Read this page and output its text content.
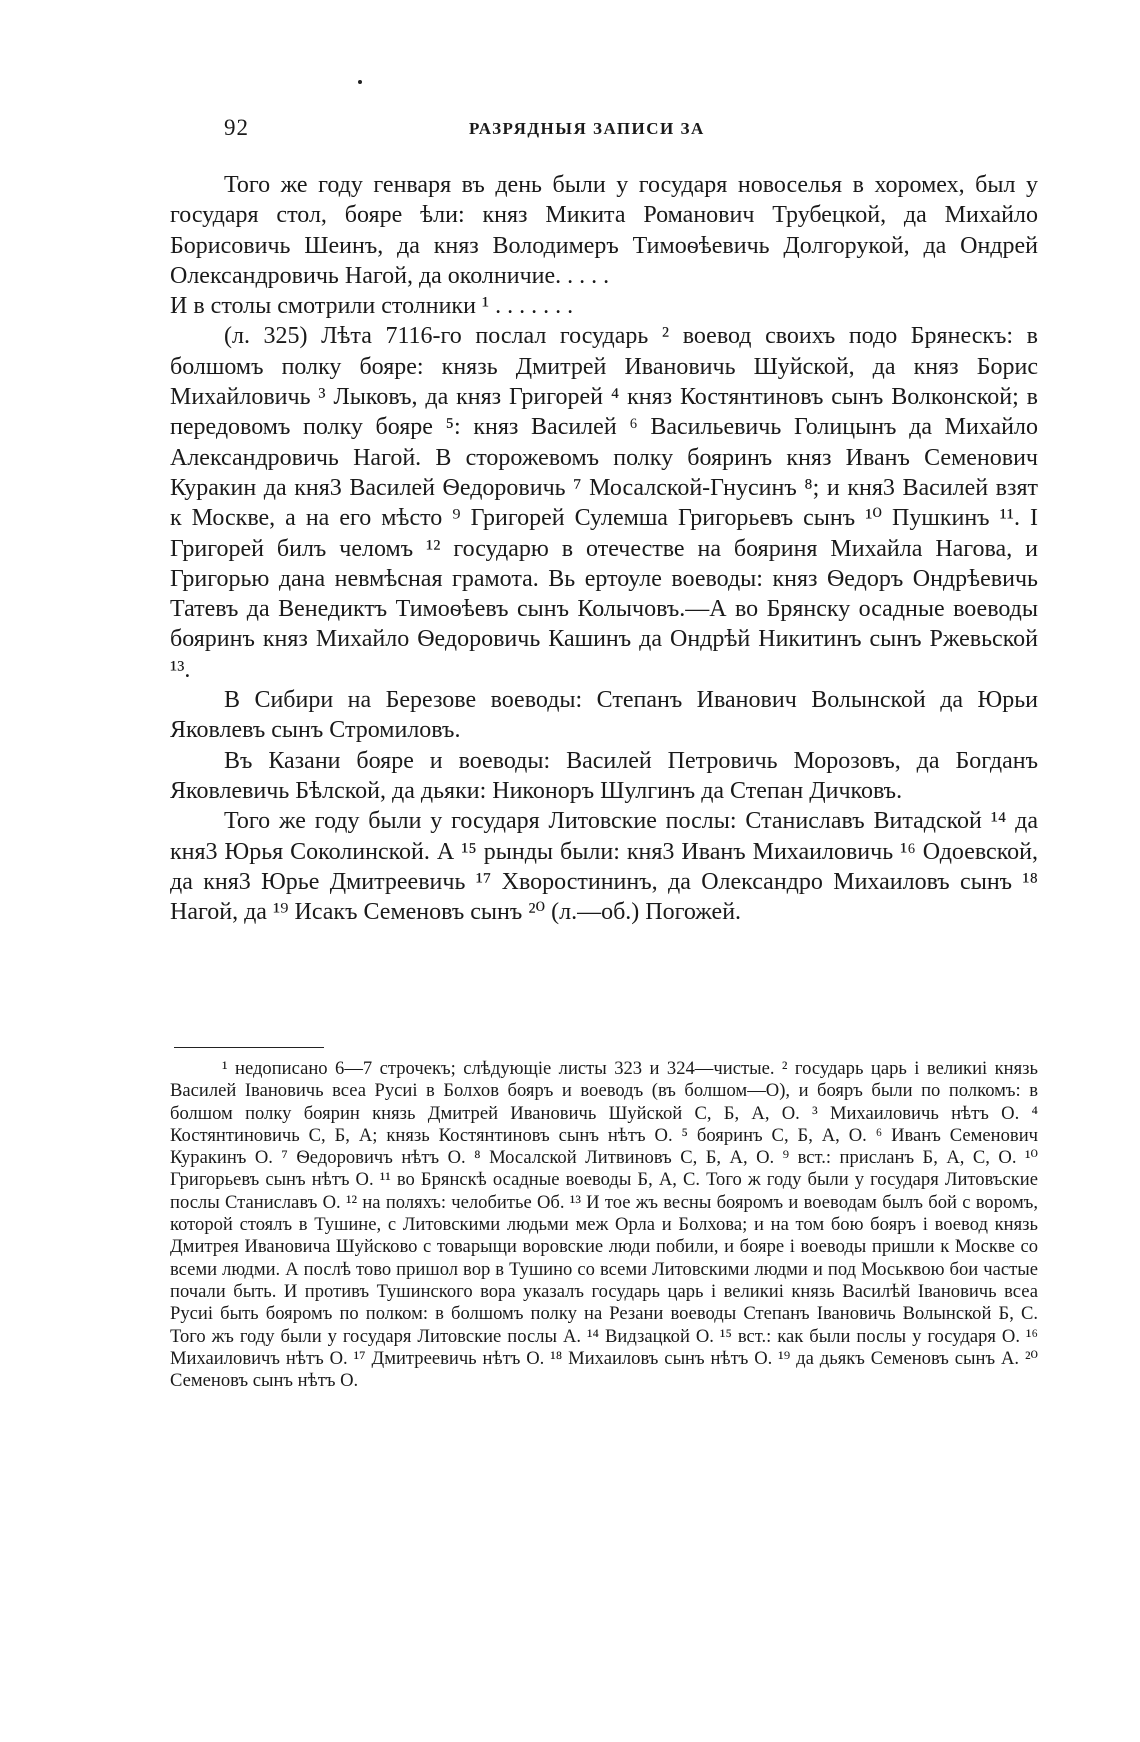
92	РАЗРЯДНЫЯ ЗАПИСИ ЗА

Того же году генваря въ день были у государя новоселья в хоромех, был у государя стол, бояре ѣли: княз Микита Романович Трубецкой, да Михайло Борисовичь Шеинъ, да княз Володимеръ Тимоѳѣевичь Долгорукой, да Ондрей Олександровичь Нагой, да околничие. . . . .

И в столы смотрили столники ¹ . . . . . . .

(л. 325) Лѣта 7116-го послал государь ² воевод своихъ подо Брянескъ: в болшомъ полку бояре: князь Дмитрей Ивановичь Шуйской, да княз Борис Михайловичь ³ Лыковъ, да княз Григорей ⁴ княз Костянтиновъ сынъ Волконской; в передовомъ полку бояре ⁵: княз Василей ⁶ Васильевичь Голицынъ да Михайло Александровичь Нагой. В сторожевомъ полку бояринъ княз Иванъ Семенович Куракин да кня3 Василей Ѳедоровичь ⁷ Мосалской-Гнусинъ ⁸; и кня3 Василей взят к Москве, а на его мѣсто ⁹ Григорей Сулемша Григорьевъ сынъ ¹⁰ Пушкинъ ¹¹. І Григорей билъ челомъ ¹² государю в отечестве на бояриня Михайла Нагова, и Григорью дана невмѣсная грамота. Вь ертоуле воеводы: княз Ѳедоръ Ондрѣевичь Татевъ да Венедиктъ Тимоѳѣевъ сынъ Колычовъ.—А во Брянску осадные воеводы бояринъ княз Михайло Ѳедоровичь Кашинъ да Ондрѣй Никитинъ сынъ Ржевьской ¹³.

В Сибири на Березове воеводы: Степанъ Иванович Волынской да Юрьи Яковлевъ сынъ Стромиловъ.

Въ Казани бояре и воеводы: Василей Петровичь Морозовъ, да Богданъ Яковлевичь Бѣлской, да дьяки: Никоноръ Шулгинъ да Степан Дичковъ.

Того же году были у государя Литовские послы: Станиславъ Витадской ¹⁴ да кня3 Юрья Соколинской. А ¹⁵ рынды были: кня3 Иванъ Михаиловичь ¹⁶ Одоевской, да кня3 Юрье Дмитреевичь ¹⁷ Хворостининъ, да Олександро Михаиловъ сынъ ¹⁸ Нагой, да ¹⁹ Исакъ Семеновъ сынъ ²⁰ (л.—об.) Погожей.

¹ недописано 6—7 строчекъ; слѣдующіе листы 323 и 324—чистые. ² государь царь і великиі князь Василей Івановичь всеа Русиі в Болхов бояръ и воеводъ (въ болшом—О), и бояръ были по полкомъ: в болшом полку боярин князь Дмитрей Ивановичь Шуйской С, Б, А, О. ³ Михаиловичь нѣтъ О. ⁴ Костянтиновичь С, Б, А; князь Костянтиновъ сынъ нѣтъ О. ⁵ бояринъ С, Б, А, О. ⁶ Иванъ Семенович Куракинъ О. ⁷ Ѳедоровичъ нѣтъ О. ⁸ Мосалской Литвиновъ С, Б, А, О. ⁹ вст.: присланъ Б, А, С, О. ¹⁰ Григорьевъ сынъ нѣтъ О. ¹¹ во Брянскѣ осадные воеводы Б, А, С. Того ж году были у государя Литовъские послы Станиславъ О. ¹² на поляхъ: челобитье Об. ¹³ И тое жъ весны бояромъ и воеводам былъ бой с воромъ, которой стоялъ в Тушине, с Литовскими людьми меж Орла и Болхова; и на том бою бояръ і воевод князь Дмитрея Ивановича Шуйсково с товарыщи воровские люди побили, и бояре і воеводы пришли к Москве со всеми людми. А послѣ тово пришол вор в Тушино со всеми Литовскими людми и под Моськвою бои частые почали быть. И противъ Тушинского вора указалъ государь царь і великиі князь Василѣй Івановичь всеа Русиі быть бояромъ по полком: в болшомъ полку на Резани воеводы Степанъ Івановичь Волынской Б, С. Того жъ году были у государя Литовские послы А. ¹⁴ Видзацкой О. ¹⁵ вст.: как были послы у государя О. ¹⁶ Михаиловичъ нѣтъ О. ¹⁷ Дмитреевичь нѣтъ О. ¹⁸ Михаиловъ сынъ нѣтъ О. ¹⁹ да дьякъ Семеновъ сынъ А. ²⁰ Семеновъ сынъ нѣтъ О.
